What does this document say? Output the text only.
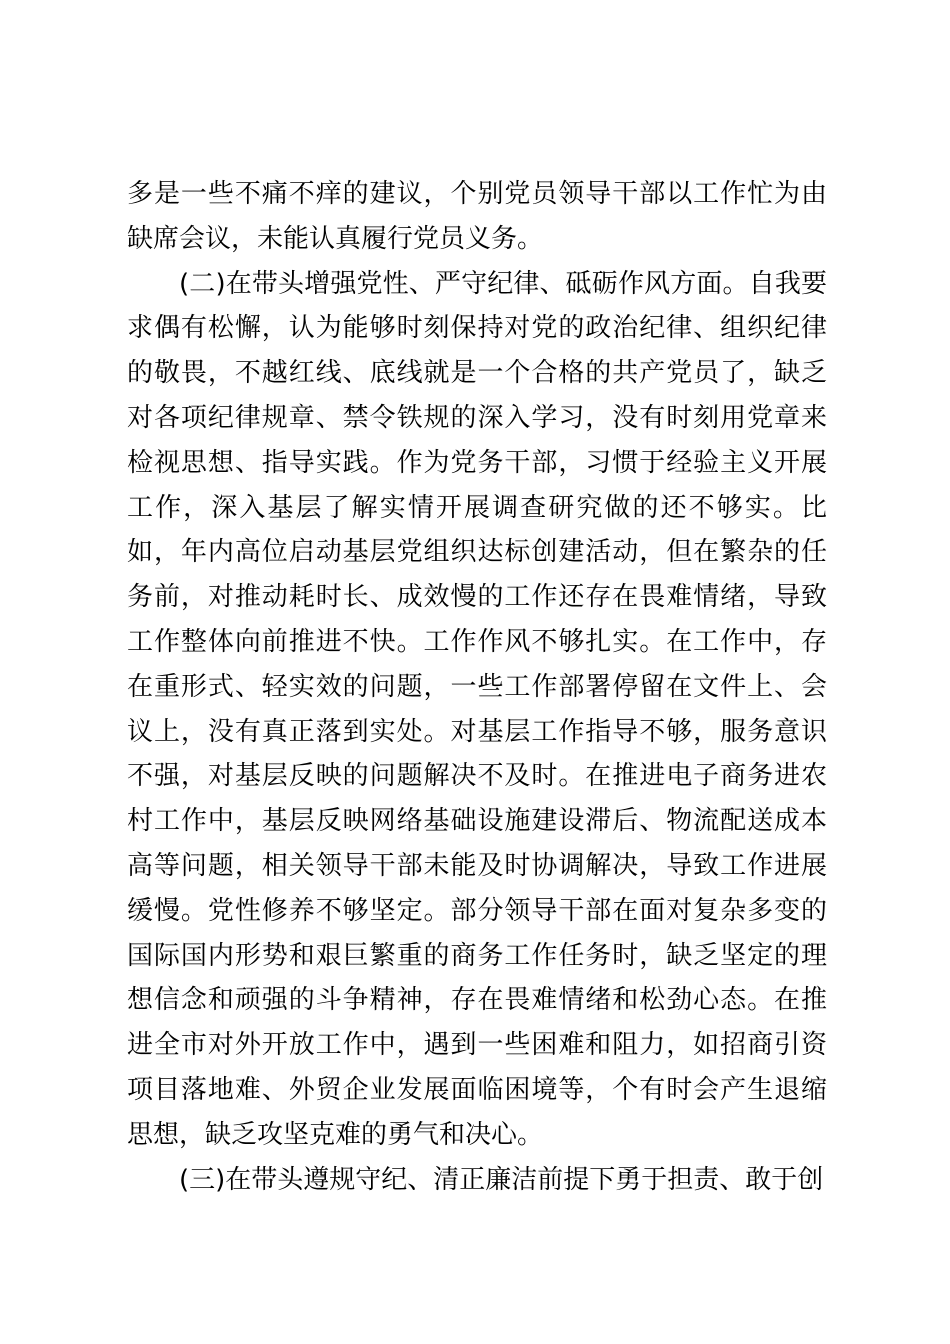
多是一些不痛不痒的建议，个别党员领导干部以工作忙为由缺席会议，未能认真履行党员义务。

(二)在带头增强党性、严守纪律、砥砺作风方面。自我要求偶有松懈，认为能够时刻保持对党的政治纪律、组织纪律的敬畏，不越红线、底线就是一个合格的共产党员了，缺乏对各项纪律规章、禁令铁规的深入学习，没有时刻用党章来检视思想、指导实践。作为党务干部，习惯于经验主义开展工作，深入基层了解实情开展调查研究做的还不够实。比如，年内高位启动基层党组织达标创建活动，但在繁杂的任务前，对推动耗时长、成效慢的工作还存在畏难情绪，导致工作整体向前推进不快。工作作风不够扎实。在工作中，存在重形式、轻实效的问题，一些工作部署停留在文件上、会议上，没有真正落到实处。对基层工作指导不够，服务意识不强，对基层反映的问题解决不及时。在推进电子商务进农村工作中，基层反映网络基础设施建设滞后、物流配送成本高等问题，相关领导干部未能及时协调解决，导致工作进展缓慢。党性修养不够坚定。部分领导干部在面对复杂多变的国际国内形势和艰巨繁重的商务工作任务时，缺乏坚定的理想信念和顽强的斗争精神，存在畏难情绪和松劲心态。在推进全市对外开放工作中，遇到一些困难和阻力，如招商引资项目落地难、外贸企业发展面临困境等，个有时会产生退缩思想，缺乏攻坚克难的勇气和决心。

(三)在带头遵规守纪、清正廉洁前提下勇于担责、敢于创
